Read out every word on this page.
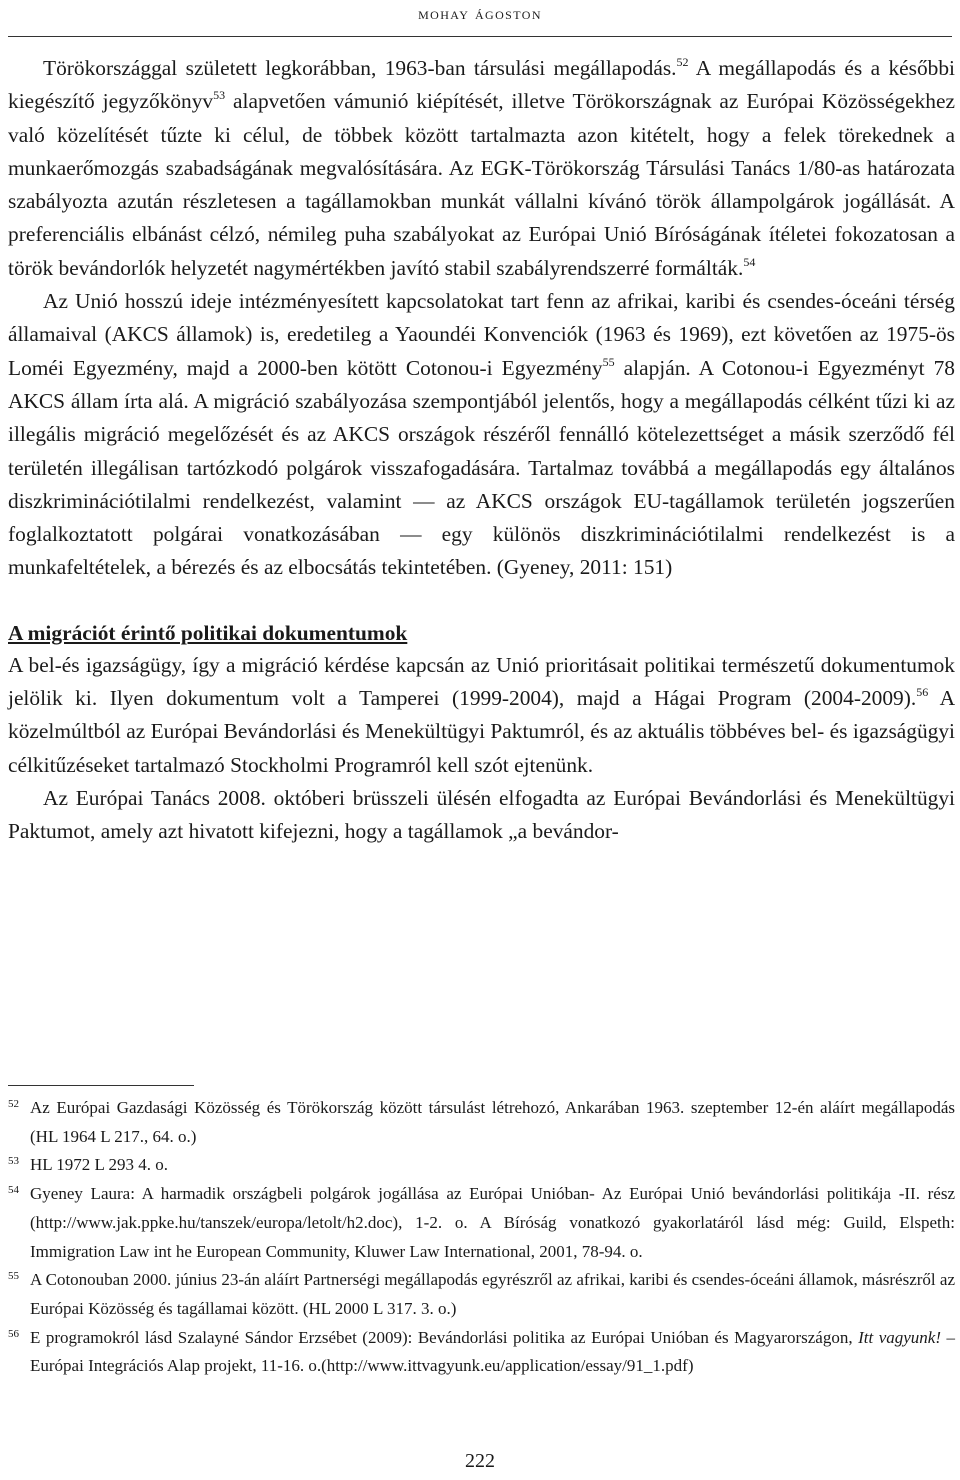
mohay ágoston

Törökországgal született legkorábban, 1963-ban társulási megállapodás.$^{52}$ A megállapodás és a későbbi kiegészítő jegyzőkönyv$^{53}$ alapvetően vámunió kiépítését, illetve Törökországnak az Európai Közösségekhez való közelítését tűzte ki célul, de többek között tartalmazta azon kitételt, hogy a felek törekednek a munkaerőmozgás szabadságának megvalósítására. Az EGK-Törökország Társulási Tanács 1/80-as határozata szabályozta azután részletesen a tagállamokban munkát vállalni kívánó török állampolgárok jogállását. A preferenciális elbánást célzó, némileg puha szabályokat az Európai Unió Bíróságának ítéletei fokozatosan a török bevándorlók helyzetét nagymértékben javító stabil szabályrendszerré formálták.$^{54}$

Az Unió hosszú ideje intézményesített kapcsolatokat tart fenn az afrikai, karibi és csendes-óceáni térség államaival (AKCS államok) is, eredetileg a Yaoundéi Konvenciók (1963 és 1969), ezt követően az 1975-ös Loméi Egyezmény, majd a 2000-ben kötött Cotonou-i Egyezmény$^{55}$ alapján. A Cotonou-i Egyezményt 78 AKCS állam írta alá. A migráció szabályozása szempontjából jelentős, hogy a megállapodás célként tűzi ki az illegális migráció megelőzését és az AKCS országok részéről fennálló kötelezettséget a másik szerződő fél területén illegálisan tartózkodó polgárok visszafogadására. Tartalmaz továbbá a megállapodás egy általános diszkriminációtilalmi rendelkezést, valamint — az AKCS országok EU-tagállamok területén jogszerűen foglalkoztatott polgárai vonatkozásában — egy különös diszkriminációtilalmi rendelkezést is a munkafeltételek, a bérezés és az elbocsátás tekintetében. (Gyeney, 2011: 151)

A migrációt érintő politikai dokumentumok

A bel-és igazságügy, így a migráció kérdése kapcsán az Unió prioritásait politikai természetű dokumentumok jelölik ki. Ilyen dokumentum volt a Tamperei (1999-2004), majd a Hágai Program (2004-2009).$^{56}$ A közelmúltból az Európai Bevándorlási és Menekültügyi Paktumról, és az aktuális többéves bel- és igazságügyi célkitűzéseket tartalmazó Stockholmi Programról kell szót ejtenünk.

Az Európai Tanács 2008. októberi brüsszeli ülésén elfogadta az Európai Bevándorlási és Menekültügyi Paktumot, amely azt hivatott kifejezni, hogy a tagállamok „a bevándor-

52 Az Európai Gazdasági Közösség és Törökország között társulást létrehozó, Ankarában 1963. szeptember 12-én aláírt megállapodás (HL 1964 L 217., 64. o.)
53 HL 1972 L 293 4. o.
54 Gyeney Laura: A harmadik országbeli polgárok jogállása az Európai Unióban- Az Európai Unió bevándorlási politikája -II. rész (http://www.jak.ppke.hu/tanszek/europa/letolt/h2.doc), 1-2. o. A Bíróság vonatkozó gyakorlatáról lásd még: Guild, Elspeth: Immigration Law int he European Community, Kluwer Law International, 2001, 78-94. o.
55 A Cotonouban 2000. június 23-án aláírt Partnerségi megállapodás egyrészről az afrikai, karibi és csendes-óceáni államok, másrészről az Európai Közösség és tagállamai között. (HL 2000 L 317. 3. o.)
56 E programokról lásd Szalayné Sándor Erzsébet (2009): Bevándorlási politika az Európai Unióban és Magyarországon, Itt vagyunk! – Európai Integrációs Alap projekt, 11-16. o.(http://www.ittvagyunk.eu/application/essay/91_1.pdf)
222
